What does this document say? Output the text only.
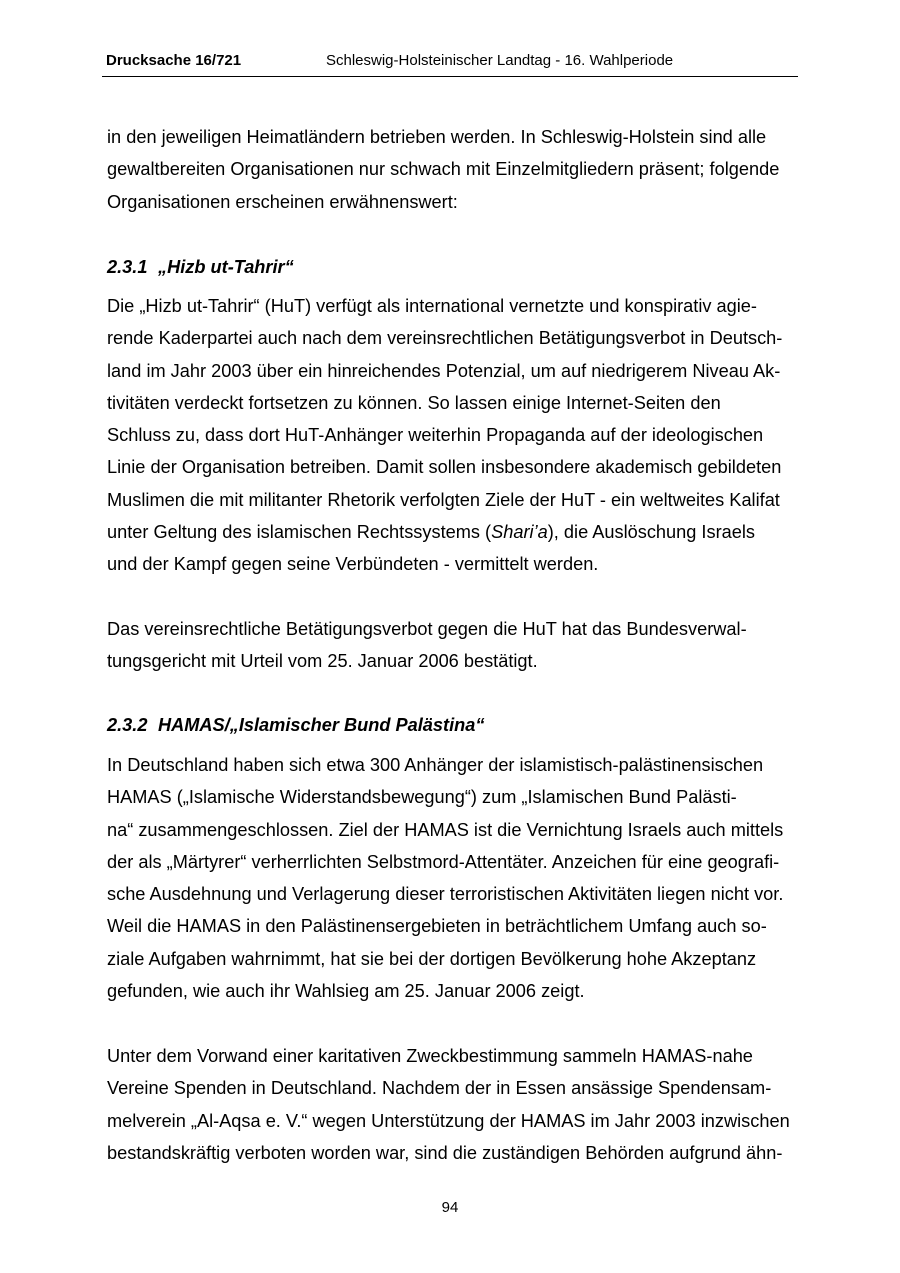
Drucksache 16/721	Schleswig-Holsteinischer Landtag - 16. Wahlperiode
in den jeweiligen Heimatländern betrieben werden. In Schleswig-Holstein sind alle
gewaltbereiten Organisationen nur schwach mit Einzelmitgliedern präsent; folgende
Organisationen erscheinen erwähnenswert:
2.3.1 „Hizb ut-Tahrir“
Die „Hizb ut-Tahrir“ (HuT) verfügt als international vernetzte und konspirativ agie-
rende Kaderpartei auch nach dem vereinsrechtlichen Betätigungsverbot in Deutsch-
land im Jahr 2003 über ein hinreichendes Potenzial, um auf niedrigerem Niveau Ak-
tivitäten verdeckt fortsetzen zu können. So lassen einige Internet-Seiten den
Schluss zu, dass dort HuT-Anhänger weiterhin Propaganda auf der ideologischen
Linie der Organisation betreiben. Damit sollen insbesondere akademisch gebildeten
Muslimen die mit militanter Rhetorik verfolgten Ziele der HuT - ein weltweites Kalifat
unter Geltung des islamischen Rechtssystems (Shari’a), die Auslöschung Israels
und der Kampf gegen seine Verbündeten - vermittelt werden.
Das vereinsrechtliche Betätigungsverbot gegen die HuT hat das Bundesverwal-
tungsgericht mit Urteil vom 25. Januar 2006 bestätigt.
2.3.2 HAMAS/„Islamischer Bund Palästina“
In Deutschland haben sich etwa 300 Anhänger der islamistisch-palästinensischen
HAMAS („Islamische Widerstandsbewegung“) zum „Islamischen Bund Palästi-
na“ zusammengeschlossen. Ziel der HAMAS ist die Vernichtung Israels auch mittels
der als „Märtyrer“ verherrlichten Selbstmord-Attentäter. Anzeichen für eine geografi-
sche Ausdehnung und Verlagerung dieser terroristischen Aktivitäten liegen nicht vor.
Weil die HAMAS in den Palästinensergebieten in beträchtlichem Umfang auch so-
ziale Aufgaben wahrnimmt, hat sie bei der dortigen Bevölkerung hohe Akzeptanz
gefunden, wie auch ihr Wahlsieg am 25. Januar 2006 zeigt.
Unter dem Vorwand einer karitativen Zweckbestimmung sammeln HAMAS-nahe
Vereine Spenden in Deutschland. Nachdem der in Essen ansässige Spendensam-
melverein „Al-Aqsa e. V.“ wegen Unterstützung der HAMAS im Jahr 2003 inzwischen
bestandskräftig verboten worden war, sind die zuständigen Behörden aufgrund ähn-
94
